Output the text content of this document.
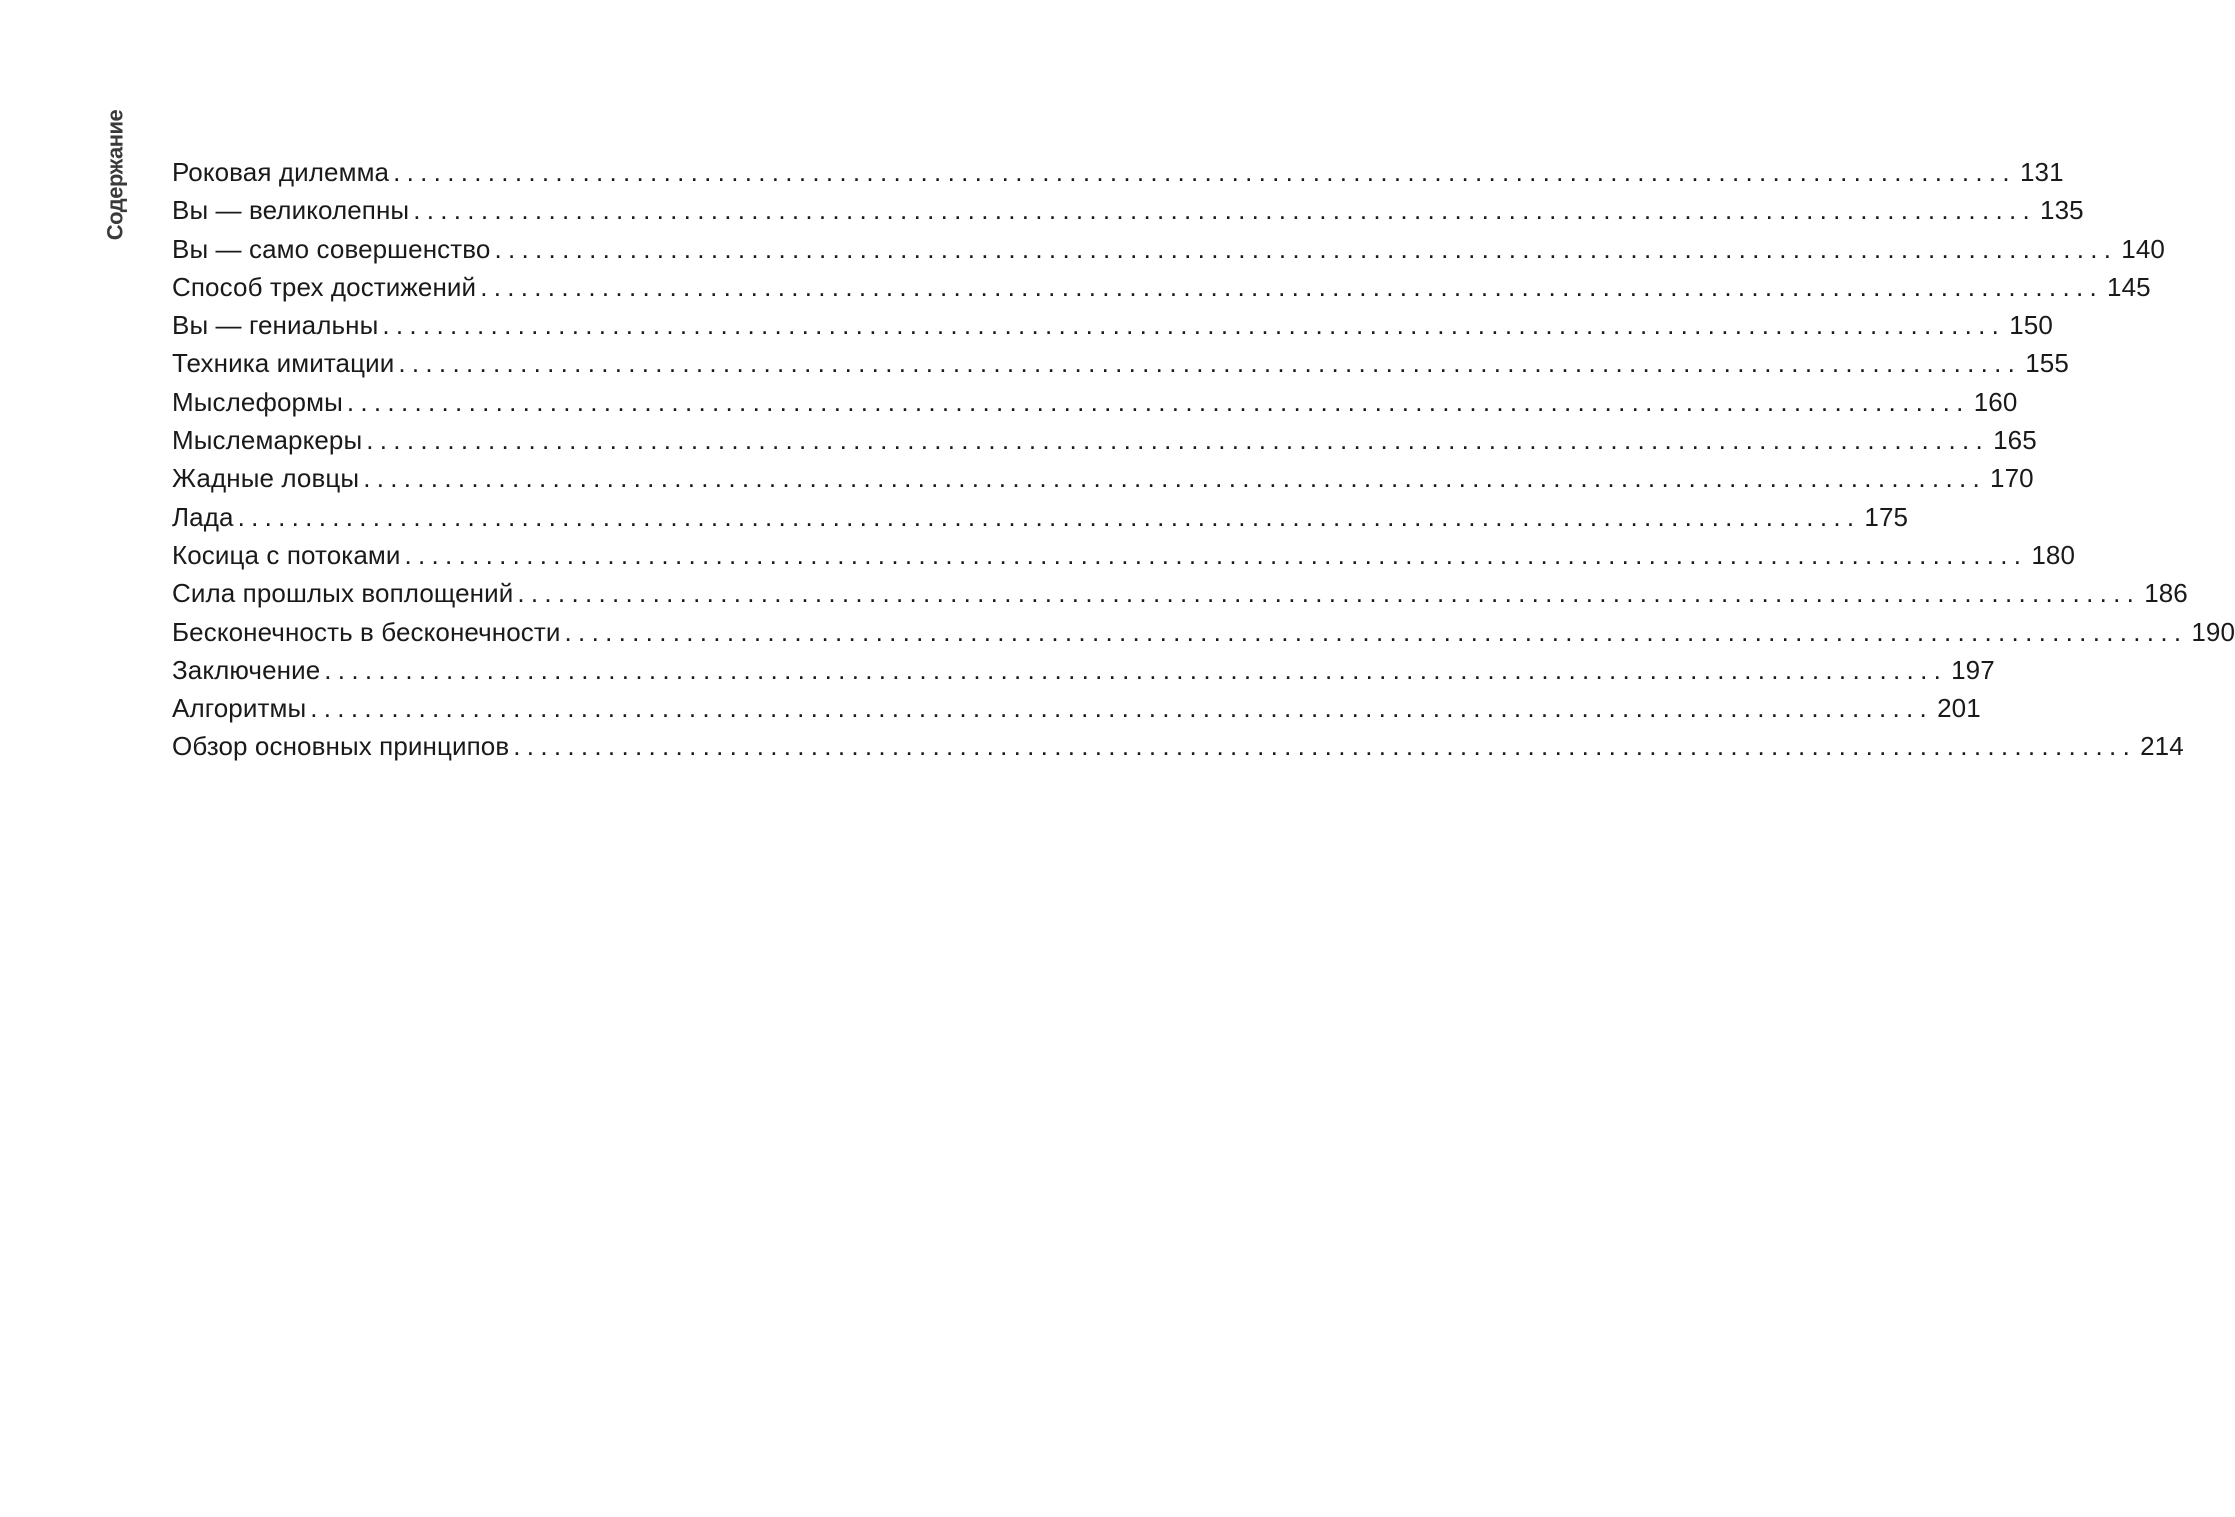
Содержание Роковая дилемма ........................................................................................................................ 131
Вы — великолепны ........................................................................................................................ 135
Вы — само совершенство ........................................................................................................................ 140
Способ трех достижений ........................................................................................................................ 145
Вы — гениальны ........................................................................................................................ 150
Техника имитации ........................................................................................................................ 155
Мыслеформы ........................................................................................................................ 160
Мыслемаркеры ........................................................................................................................ 165
Жадные ловцы ........................................................................................................................ 170
Лада ........................................................................................................................ 175
Косица с потоками ........................................................................................................................ 180
Сила прошлых воплощений ........................................................................................................................ 186
Бесконечность в бесконечности ........................................................................................................................ 190
Заключение ........................................................................................................................ 197
Алгоритмы ........................................................................................................................ 201
Обзор основных принципов ........................................................................................................................ 214
